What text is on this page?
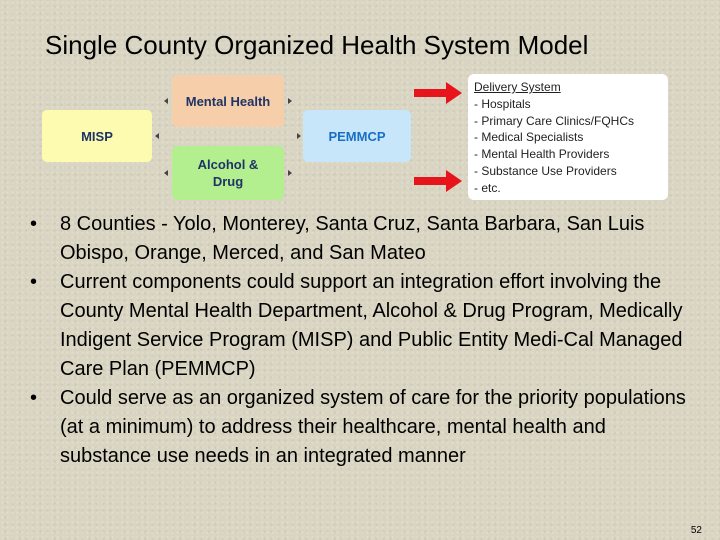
Single County Organized Health System Model
Mental Health
MISP
Alcohol &
Drug
PEMMCP
Delivery System
- Hospitals
- Primary Care Clinics/FQHCs
- Medical Specialists
- Mental Health Providers
- Substance Use Providers
- etc.
• 8 Counties - Yolo, Monterey, Santa Cruz, Santa Barbara, San Luis Obispo, Orange, Merced, and San Mateo
• Current components could support an integration effort involving the County Mental Health Department, Alcohol & Drug Program, Medically Indigent Service Program (MISP) and Public Entity Medi-Cal Managed Care Plan (PEMMCP)
• Could serve as an organized system of care for the priority populations (at a minimum) to address their healthcare, mental health and substance use needs in an integrated manner
52
